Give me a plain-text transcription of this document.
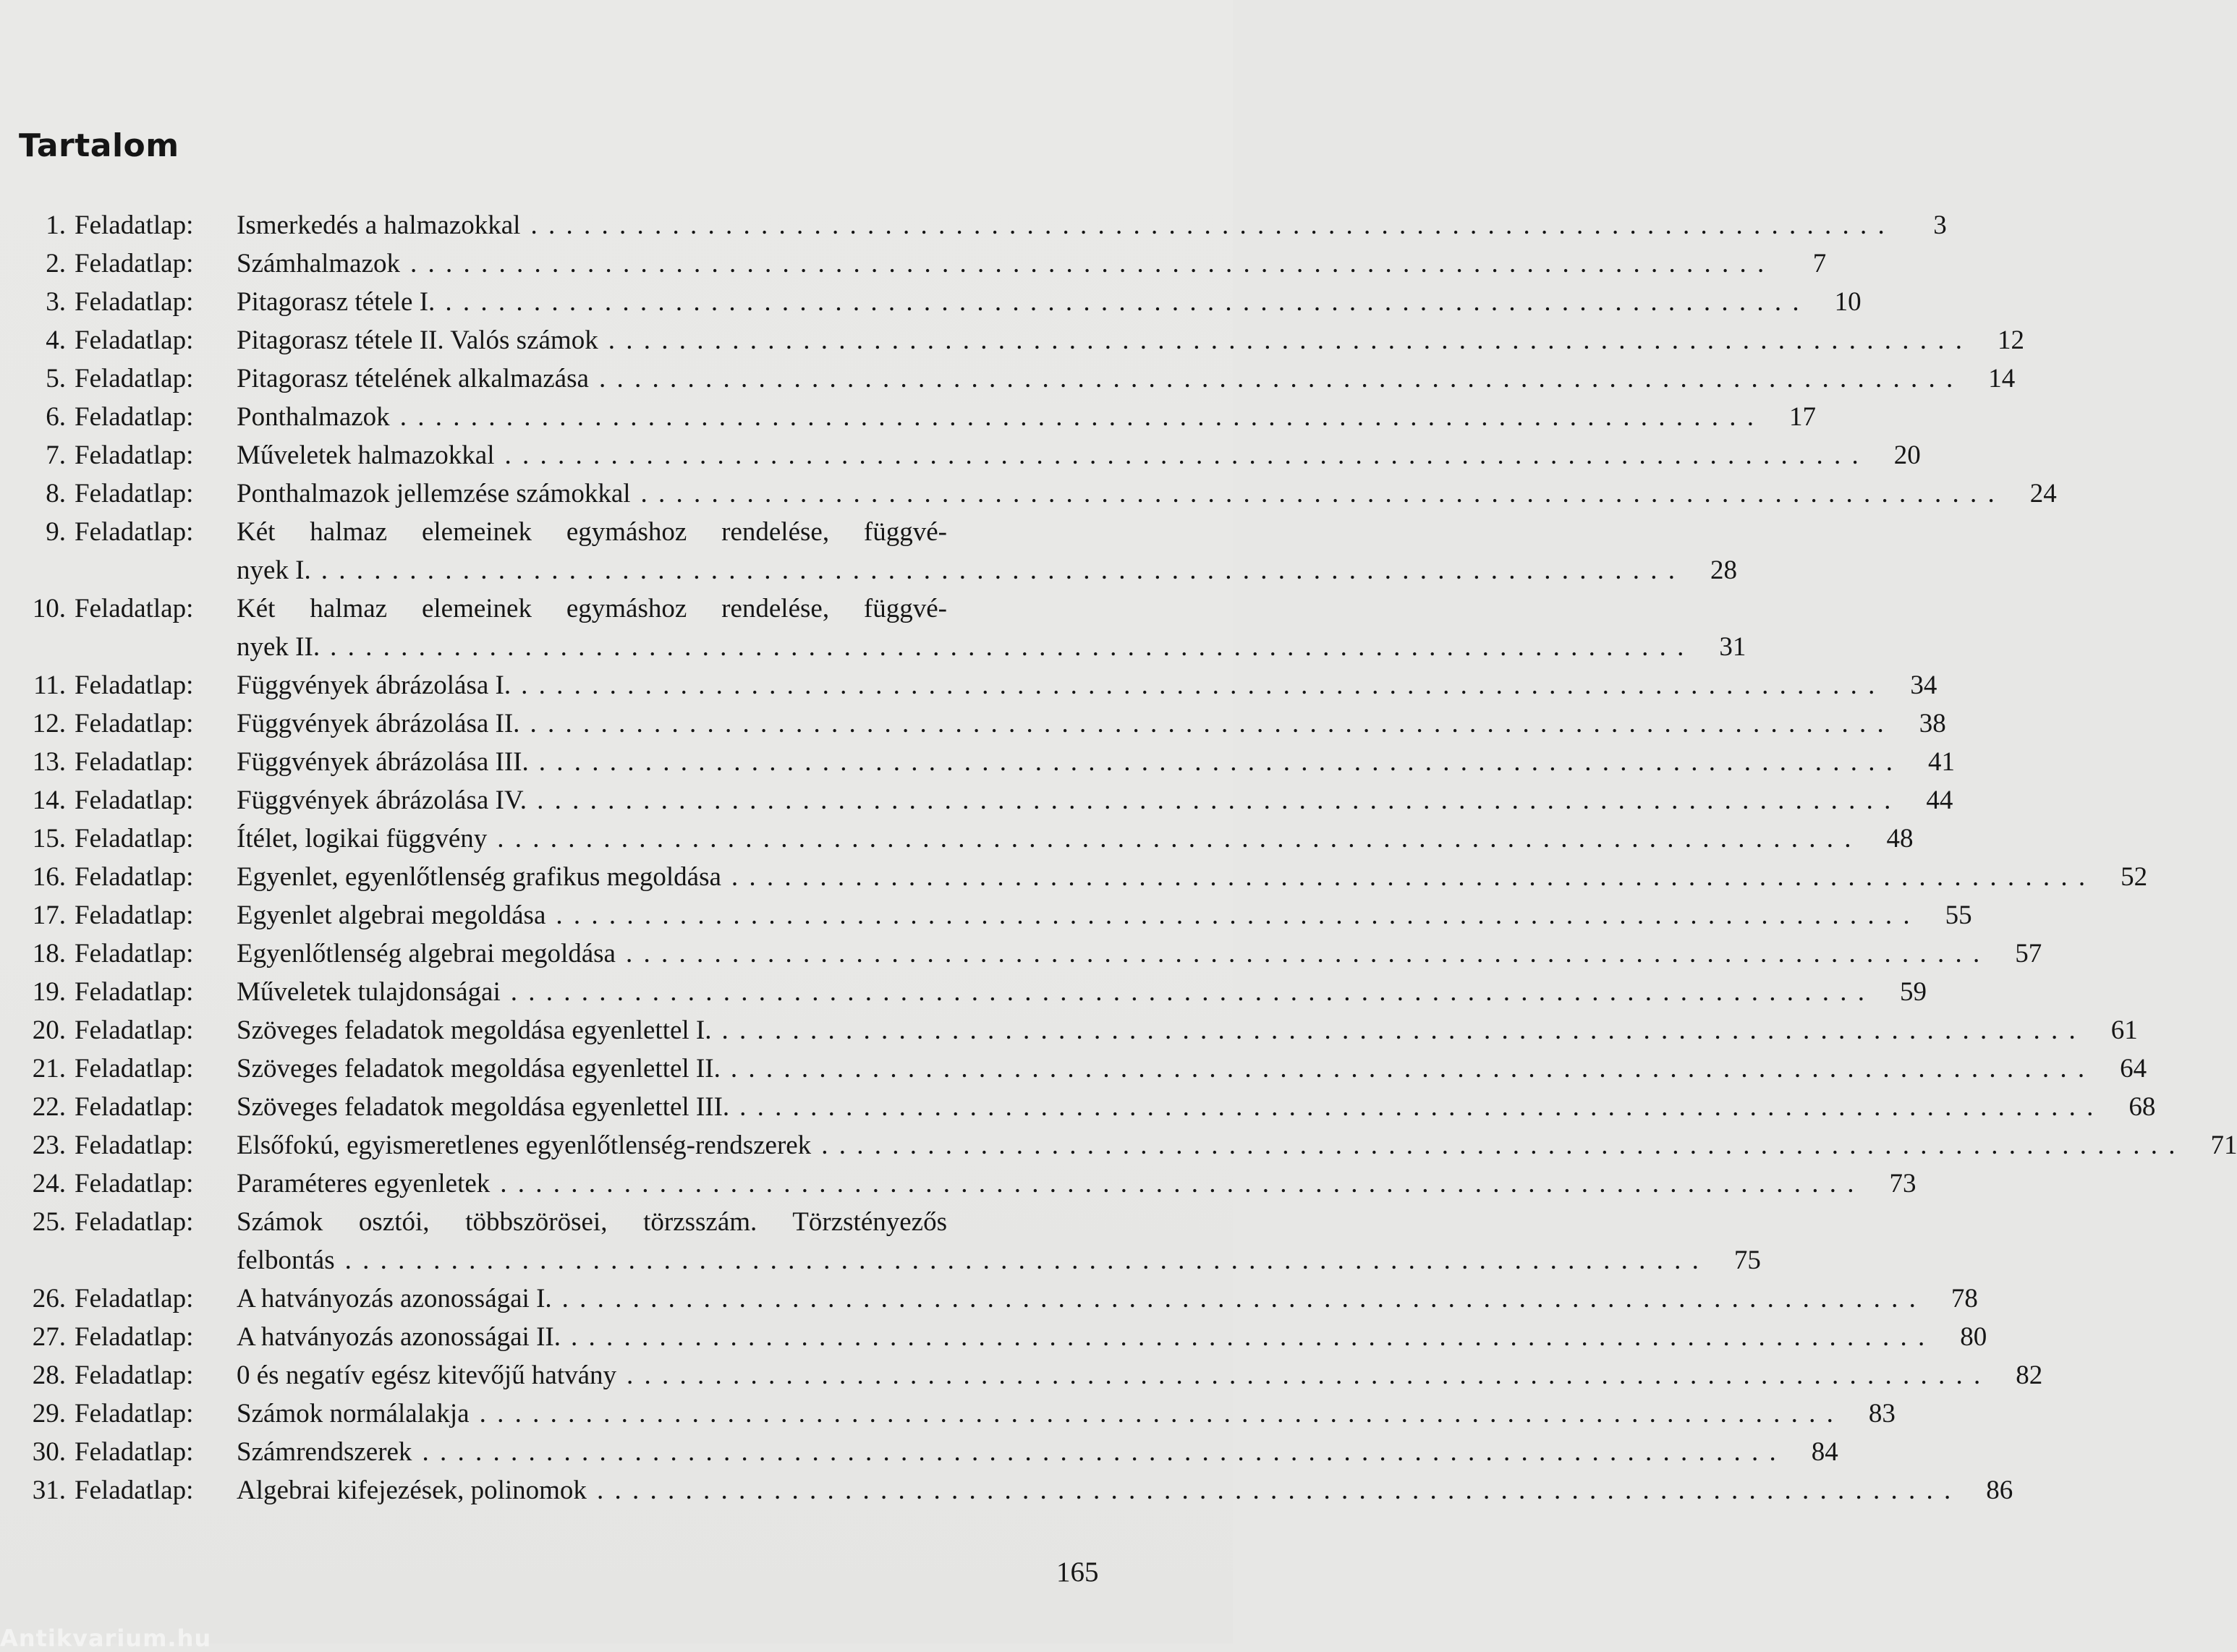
Tartalom
1. Feladatlap:	Ismerkedés a halmazokkal . . . . . . . . . . . . . . . . . . . . . . . . . . . . . . . . . . . . . . . . . . . . . . . . . . . . . . . . . . . . . . . . . . . . . . . . . . . . .	3
2. Feladatlap:	Számhalmazok . . . . . . . . . . . . . . . . . . . . . . . . . . . . . . . . . . . . . . . . . . . . . . . . . . . . . . . . . . . . . . . . . . . . . . . . . . . . .	7
3. Feladatlap:	Pitagorasz tétele I. . . . . . . . . . . . . . . . . . . . . . . . . . . . . . . . . . . . . . . . . . . . . . . . . . . . . . . . . . . . . . . . . . . . . . . . . . . . . .	10
4. Feladatlap:	Pitagorasz tétele II. Valós számok . . . . . . . . . . . . . . . . . . . . . . . . . . . . . . . . . . . . . . . . . . . . . . . . . . . . . . . . . . . . . . . . . . . . . . . . . . . . .	12
5. Feladatlap:	Pitagorasz tételének alkalmazása . . . . . . . . . . . . . . . . . . . . . . . . . . . . . . . . . . . . . . . . . . . . . . . . . . . . . . . . . . . . . . . . . . . . . . . . . . . . .	14
6. Feladatlap:	Ponthalmazok . . . . . . . . . . . . . . . . . . . . . . . . . . . . . . . . . . . . . . . . . . . . . . . . . . . . . . . . . . . . . . . . . . . . . . . . . . . . .	17
7. Feladatlap:	Műveletek halmazokkal . . . . . . . . . . . . . . . . . . . . . . . . . . . . . . . . . . . . . . . . . . . . . . . . . . . . . . . . . . . . . . . . . . . . . . . . . . . . .	20
8. Feladatlap:	Ponthalmazok jellemzése számokkal . . . . . . . . . . . . . . . . . . . . . . . . . . . . . . . . . . . . . . . . . . . . . . . . . . . . . . . . . . . . . . . . . . . . . . . . . . . . .	24
9. Feladatlap:	Két halmaz elemeinek egymáshoz rendelése, függvé-
nyek I. . . . . . . . . . . . . . . . . . . . . . . . . . . . . . . . . . . . . . . . . . . . . . . . . . . . . . . . . . . . . . . . . . . . . . . . . . . . . .	28
10. Feladatlap:	Két halmaz elemeinek egymáshoz rendelése, függvé-
nyek II. . . . . . . . . . . . . . . . . . . . . . . . . . . . . . . . . . . . . . . . . . . . . . . . . . . . . . . . . . . . . . . . . . . . . . . . . . . . . .	31
11. Feladatlap:	Függvények ábrázolása I. . . . . . . . . . . . . . . . . . . . . . . . . . . . . . . . . . . . . . . . . . . . . . . . . . . . . . . . . . . . . . . . . . . . . . . . . . . . . .	34
12. Feladatlap:	Függvények ábrázolása II. . . . . . . . . . . . . . . . . . . . . . . . . . . . . . . . . . . . . . . . . . . . . . . . . . . . . . . . . . . . . . . . . . . . . . . . . . . . . .	38
13. Feladatlap:	Függvények ábrázolása III. . . . . . . . . . . . . . . . . . . . . . . . . . . . . . . . . . . . . . . . . . . . . . . . . . . . . . . . . . . . . . . . . . . . . . . . . . . . . .	41
14. Feladatlap:	Függvények ábrázolása IV. . . . . . . . . . . . . . . . . . . . . . . . . . . . . . . . . . . . . . . . . . . . . . . . . . . . . . . . . . . . . . . . . . . . . . . . . . . . . .	44
15. Feladatlap:	Ítélet, logikai függvény . . . . . . . . . . . . . . . . . . . . . . . . . . . . . . . . . . . . . . . . . . . . . . . . . . . . . . . . . . . . . . . . . . . . . . . . . . . . .	48
16. Feladatlap:	Egyenlet, egyenlőtlenség grafikus megoldása . . . . . . . . . . . . . . . . . . . . . . . . . . . . . . . . . . . . . . . . . . . . . . . . . . . . . . . . . . . . . . . . . . . . . . . . . . . . .	52
17. Feladatlap:	Egyenlet algebrai megoldása . . . . . . . . . . . . . . . . . . . . . . . . . . . . . . . . . . . . . . . . . . . . . . . . . . . . . . . . . . . . . . . . . . . . . . . . . . . . .	55
18. Feladatlap:	Egyenlőtlenség algebrai megoldása . . . . . . . . . . . . . . . . . . . . . . . . . . . . . . . . . . . . . . . . . . . . . . . . . . . . . . . . . . . . . . . . . . . . . . . . . . . . .	57
19. Feladatlap:	Műveletek tulajdonságai . . . . . . . . . . . . . . . . . . . . . . . . . . . . . . . . . . . . . . . . . . . . . . . . . . . . . . . . . . . . . . . . . . . . . . . . . . . . .	59
20. Feladatlap:	Szöveges feladatok megoldása egyenlettel I. . . . . . . . . . . . . . . . . . . . . . . . . . . . . . . . . . . . . . . . . . . . . . . . . . . . . . . . . . . . . . . . . . . . . . . . . . . . . .	61
21. Feladatlap:	Szöveges feladatok megoldása egyenlettel II. . . . . . . . . . . . . . . . . . . . . . . . . . . . . . . . . . . . . . . . . . . . . . . . . . . . . . . . . . . . . . . . . . . . . . . . . . . . . .	64
22. Feladatlap:	Szöveges feladatok megoldása egyenlettel III. . . . . . . . . . . . . . . . . . . . . . . . . . . . . . . . . . . . . . . . . . . . . . . . . . . . . . . . . . . . . . . . . . . . . . . . . . . . . .	68
23. Feladatlap:	Elsőfokú, egyismeretlenes egyenlőtlenség-rendszerek . . . . . . . . . . . . . . . . . . . . . . . . . . . . . . . . . . . . . . . . . . . . . . . . . . . . . . . . . . . . . . . . . . . . . . . . . . . . .	71
24. Feladatlap:	Paraméteres egyenletek . . . . . . . . . . . . . . . . . . . . . . . . . . . . . . . . . . . . . . . . . . . . . . . . . . . . . . . . . . . . . . . . . . . . . . . . . . . . .	73
25. Feladatlap:	Számok osztói, többszörösei, törzsszám. Törzstényezős
felbontás . . . . . . . . . . . . . . . . . . . . . . . . . . . . . . . . . . . . . . . . . . . . . . . . . . . . . . . . . . . . . . . . . . . . . . . . . . . . .	75
26. Feladatlap:	A hatványozás azonosságai I. . . . . . . . . . . . . . . . . . . . . . . . . . . . . . . . . . . . . . . . . . . . . . . . . . . . . . . . . . . . . . . . . . . . . . . . . . . . . .	78
27. Feladatlap:	A hatványozás azonosságai II. . . . . . . . . . . . . . . . . . . . . . . . . . . . . . . . . . . . . . . . . . . . . . . . . . . . . . . . . . . . . . . . . . . . . . . . . . . . . .	80
28. Feladatlap:	0 és negatív egész kitevőjű hatvány . . . . . . . . . . . . . . . . . . . . . . . . . . . . . . . . . . . . . . . . . . . . . . . . . . . . . . . . . . . . . . . . . . . . . . . . . . . . .	82
29. Feladatlap:	Számok normálalakja . . . . . . . . . . . . . . . . . . . . . . . . . . . . . . . . . . . . . . . . . . . . . . . . . . . . . . . . . . . . . . . . . . . . . . . . . . . . .	83
30. Feladatlap:	Számrendszerek . . . . . . . . . . . . . . . . . . . . . . . . . . . . . . . . . . . . . . . . . . . . . . . . . . . . . . . . . . . . . . . . . . . . . . . . . . . . .	84
31. Feladatlap:	Algebrai kifejezések, polinomok . . . . . . . . . . . . . . . . . . . . . . . . . . . . . . . . . . . . . . . . . . . . . . . . . . . . . . . . . . . . . . . . . . . . . . . . . . . . .	86
165
Antikvarium.hu
